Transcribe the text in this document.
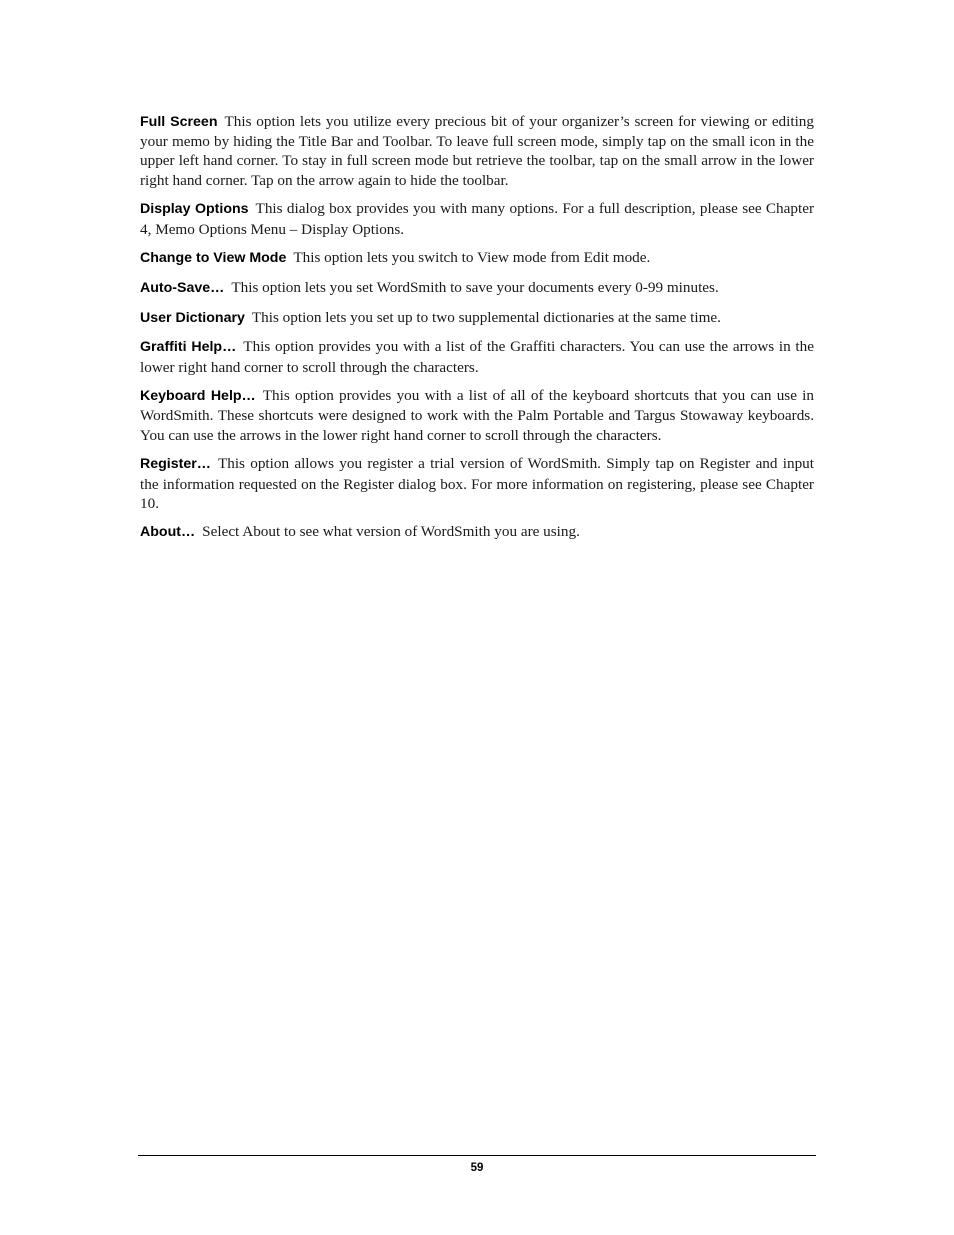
Full Screen This option lets you utilize every precious bit of your organizer’s screen for viewing or editing your memo by hiding the Title Bar and Toolbar. To leave full screen mode, simply tap on the small icon in the upper left hand corner. To stay in full screen mode but retrieve the toolbar, tap on the small arrow in the lower right hand corner. Tap on the arrow again to hide the toolbar.

Display Options This dialog box provides you with many options. For a full description, please see Chapter 4, Memo Options Menu – Display Options.

Change to View Mode This option lets you switch to View mode from Edit mode.

Auto-Save… This option lets you set WordSmith to save your documents every 0-99 minutes.

User Dictionary This option lets you set up to two supplemental dictionaries at the same time.

Graffiti Help… This option provides you with a list of the Graffiti characters. You can use the arrows in the lower right hand corner to scroll through the characters.

Keyboard Help… This option provides you with a list of all of the keyboard shortcuts that you can use in WordSmith. These shortcuts were designed to work with the Palm Portable and Targus Stowaway keyboards. You can use the arrows in the lower right hand corner to scroll through the characters.

Register… This option allows you register a trial version of WordSmith. Simply tap on Register and input the information requested on the Register dialog box. For more information on registering, please see Chapter 10.

About… Select About to see what version of WordSmith you are using.

59
